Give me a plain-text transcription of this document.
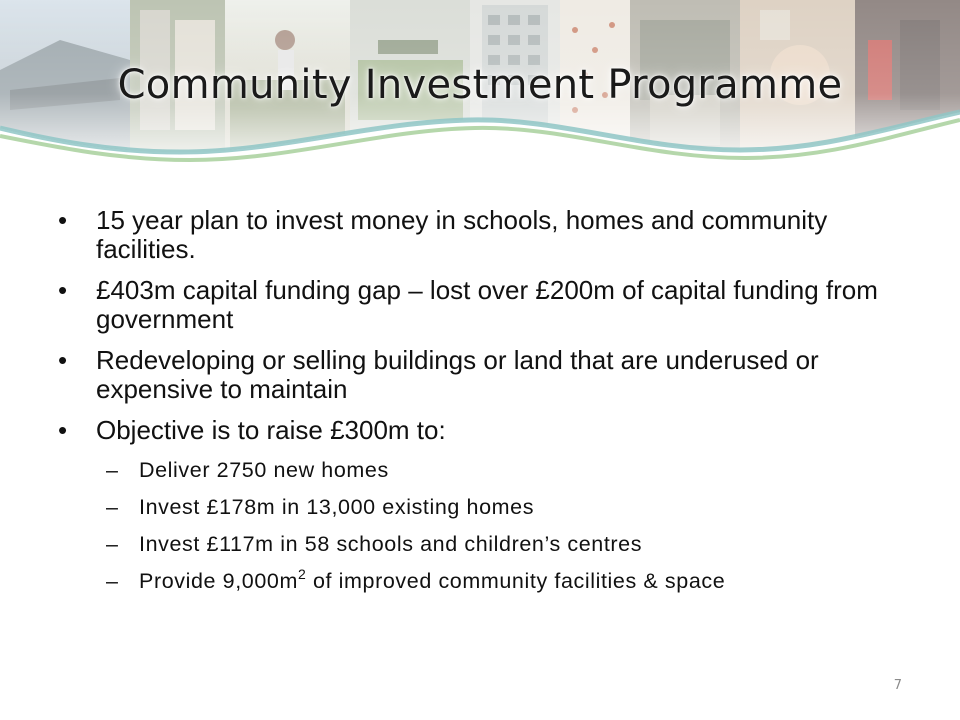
Community Investment Programme
• 15 year plan to invest money in schools, homes and community facilities.
• £403m capital funding gap – lost over £200m of capital funding from government
• Redeveloping or selling buildings or land that are underused or expensive to maintain
• Objective is to raise £300m to:
– Deliver 2750 new homes
– Invest £178m in 13,000 existing homes
– Invest £117m in 58 schools and children’s centres
– Provide $9,000m^2$ of improved community facilities & space
7
